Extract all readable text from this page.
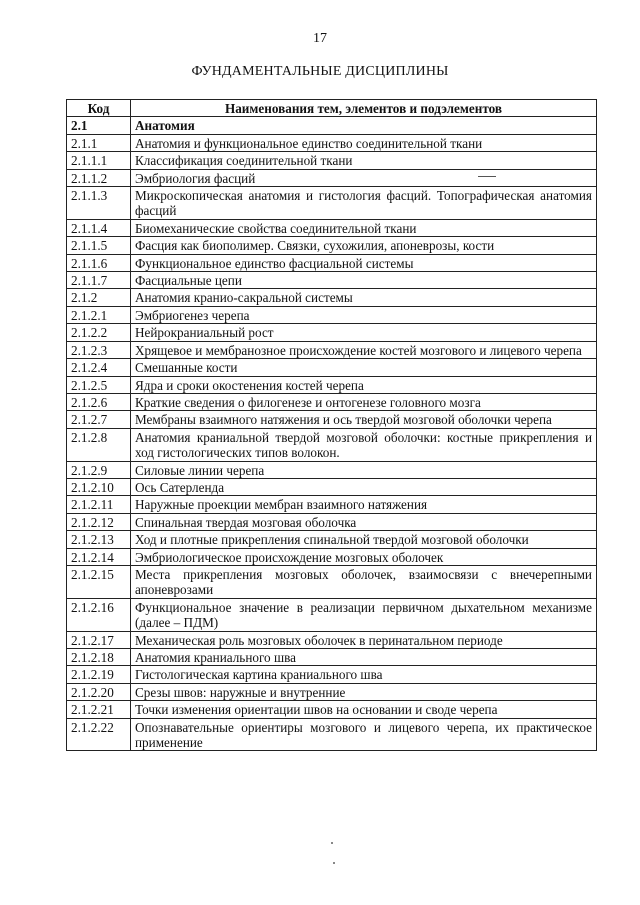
17
ФУНДАМЕНТАЛЬНЫЕ ДИСЦИПЛИНЫ
Код	Наименования тем, элементов и подэлементов
2.1	Анатомия
2.1.1	Анатомия и функциональное единство соединительной ткани
2.1.1.1	Классификация соединительной ткани
2.1.1.2	Эмбриология фасций
2.1.1.3	Микроскопическая анатомия и гистология фасций. Топографическая анатомия фасций
2.1.1.4	Биомеханические свойства соединительной ткани
2.1.1.5	Фасция как биополимер. Связки, сухожилия, апоневрозы, кости
2.1.1.6	Функциональное единство фасциальной системы
2.1.1.7	Фасциальные цепи
2.1.2	Анатомия кранио-сакральной системы
2.1.2.1	Эмбриогенез черепа
2.1.2.2	Нейрокраниальный рост
2.1.2.3	Хрящевое и мембранозное происхождение костей мозгового и лицевого черепа
2.1.2.4	Смешанные кости
2.1.2.5	Ядра и сроки окостенения костей черепа
2.1.2.6	Краткие сведения о филогенезе и онтогенезе головного мозга
2.1.2.7	Мембраны взаимного натяжения и ось твердой мозговой оболочки черепа
2.1.2.8	Анатомия краниальной твердой мозговой оболочки: костные прикрепления и ход гистологических типов волокон.
2.1.2.9	Силовые линии черепа
2.1.2.10	Ось Сатерленда
2.1.2.11	Наружные проекции мембран взаимного натяжения
2.1.2.12	Спинальная твердая мозговая оболочка
2.1.2.13	Ход и плотные прикрепления спинальной твердой мозговой оболочки
2.1.2.14	Эмбриологическое происхождение мозговых оболочек
2.1.2.15	Места прикрепления мозговых оболочек, взаимосвязи с внечерепными апоневрозами
2.1.2.16	Функциональное значение в реализации первичном дыхательном механизме (далее – ПДМ)
2.1.2.17	Механическая роль мозговых оболочек в перинатальном периоде
2.1.2.18	Анатомия краниального шва
2.1.2.19	Гистологическая картина краниального шва
2.1.2.20	Срезы швов: наружные и внутренние
2.1.2.21	Точки изменения ориентации швов на основании и своде черепа
2.1.2.22	Опознавательные ориентиры мозгового и лицевого черепа, их практическое применение
